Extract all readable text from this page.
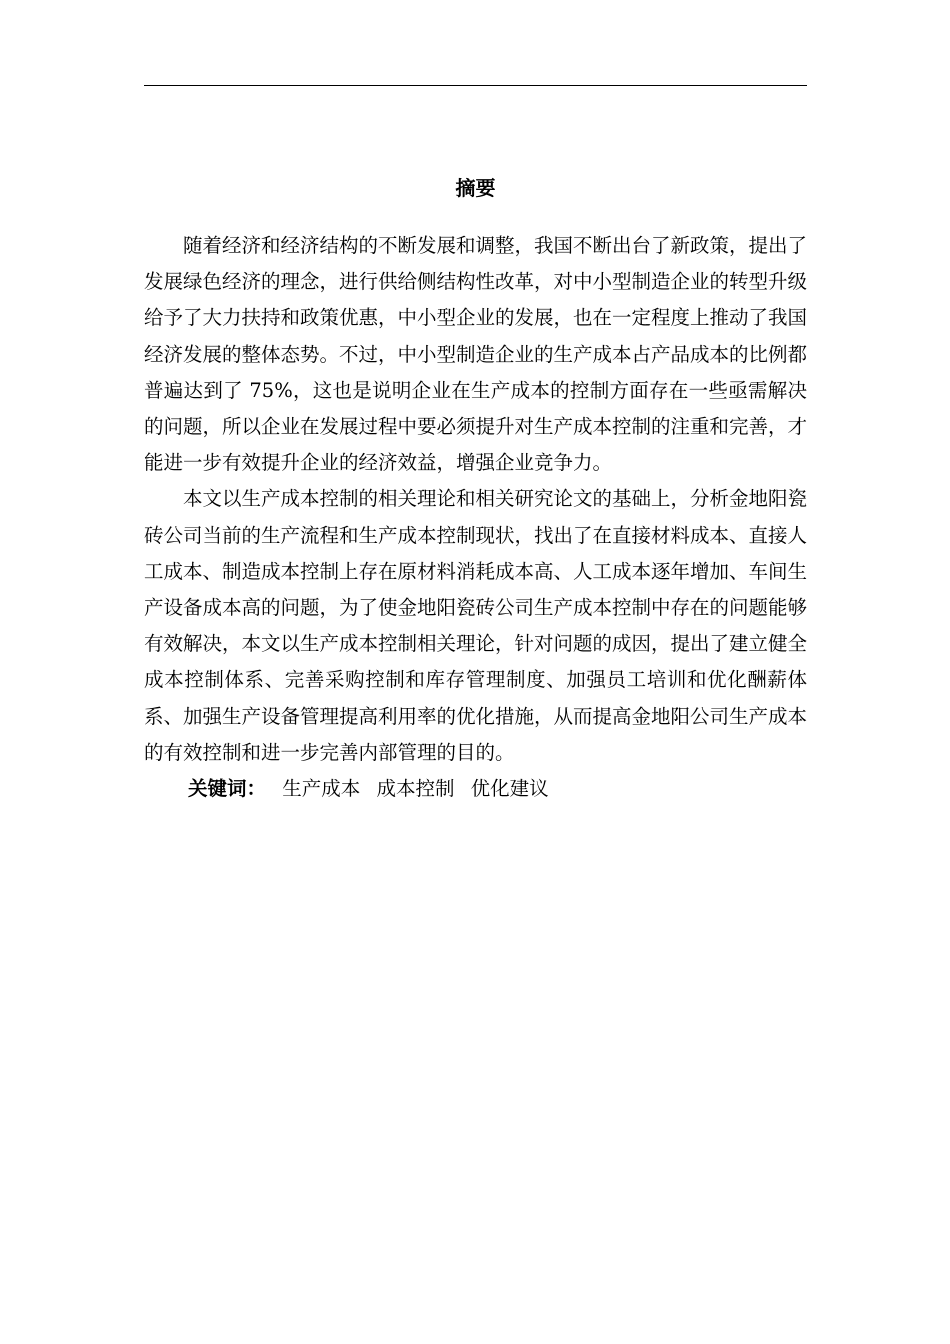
摘要

随着经济和经济结构的不断发展和调整，我国不断出台了新政策，提出了发展绿色经济的理念，进行供给侧结构性改革，对中小型制造企业的转型升级给予了大力扶持和政策优惠，中小型企业的发展，也在一定程度上推动了我国经济发展的整体态势。不过，中小型制造企业的生产成本占产品成本的比例都普遍达到了 75%，这也是说明企业在生产成本的控制方面存在一些亟需解决的问题，所以企业在发展过程中要必须提升对生产成本控制的注重和完善，才能进一步有效提升企业的经济效益，增强企业竞争力。

本文以生产成本控制的相关理论和相关研究论文的基础上，分析金地阳瓷砖公司当前的生产流程和生产成本控制现状，找出了在直接材料成本、直接人工成本、制造成本控制上存在原材料消耗成本高、人工成本逐年增加、车间生产设备成本高的问题，为了使金地阳瓷砖公司生产成本控制中存在的问题能够有效解决，本文以生产成本控制相关理论，针对问题的成因，提出了建立健全成本控制体系、完善采购控制和库存管理制度、加强员工培训和优化酬薪体系、加强生产设备管理提高利用率的优化措施，从而提高金地阳公司生产成本的有效控制和进一步完善内部管理的目的。

关键词： 生产成本 成本控制 优化建议
